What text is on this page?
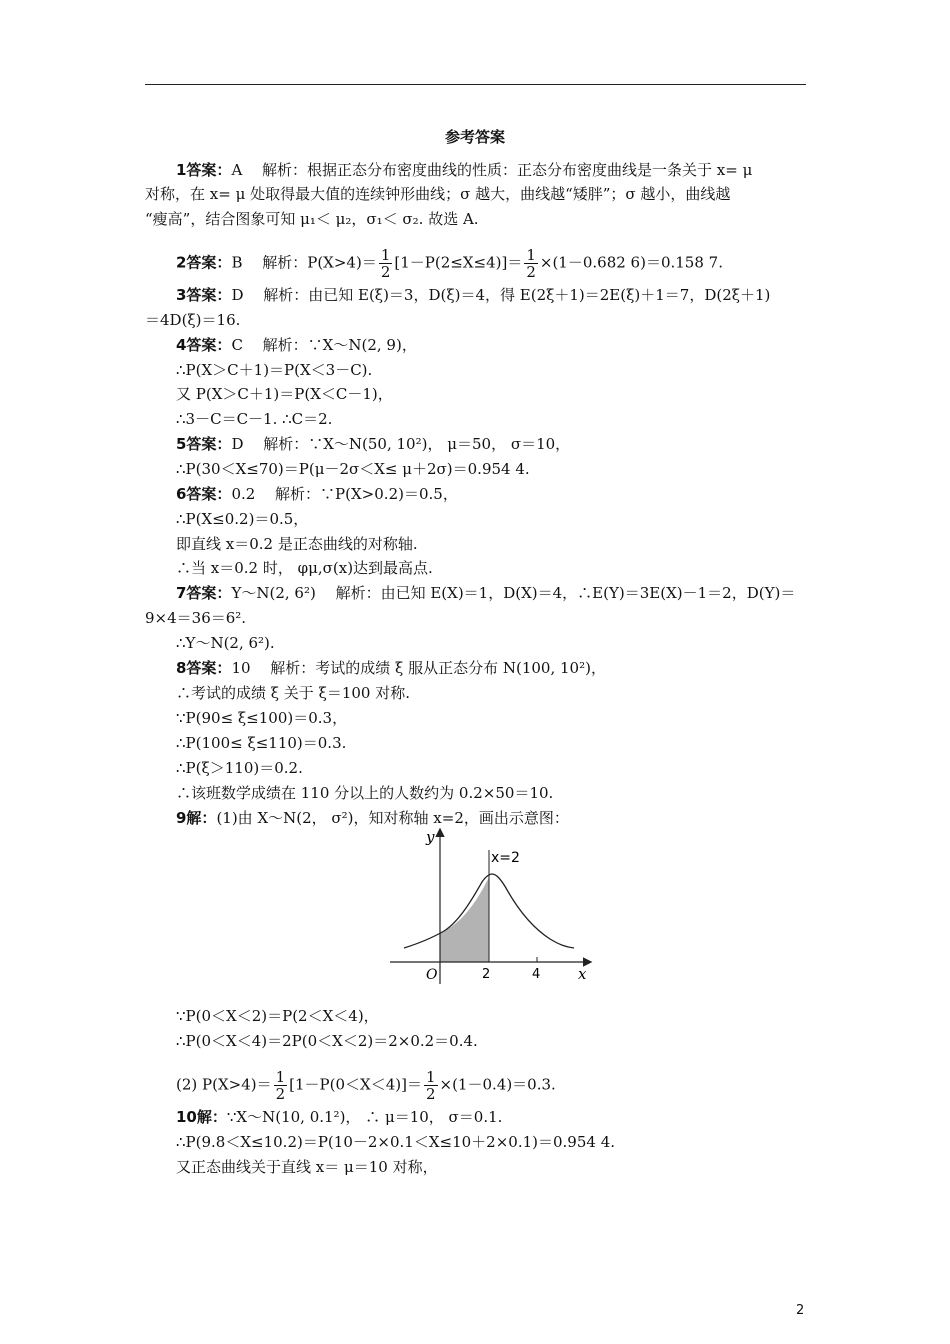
参考答案
1答案：A　 解析：根据正态分布密度曲线的性质：正态分布密度曲线是一条关于 x= μ
对称，在 x= μ 处取得最大值的连续钟形曲线；σ 越大，曲线越“矮胖”；σ 越小，曲线越
“瘦高”，结合图象可知 μ₁＜ μ₂，σ₁＜ σ₂. 故选 A.
2答案：B　 解析：$P(X>4)= \frac{1}{2} [1-P(2\le X\le 4)]= \frac{1}{2} \times(1-0.682$ 6)＝0.158 7.
3答案：D　 解析：由已知 E(ξ)＝3，D(ξ)＝4，得 E(2ξ＋1)＝2E(ξ)＋1＝7，D(2ξ＋1)
＝4D(ξ)＝16.
4答案：C　 解析：∵X～N(2, 9)，
∴P(X＞C＋1)＝P(X＜3－C).
又 P(X＞C＋1)＝P(X＜C－1)，
∴3－C＝C－1. ∴C＝2.
5答案：D　 解析：∵X～N(50, 10²)， μ＝50， σ＝10，
∴P(30＜X≤70)＝P(μ－2σ＜X≤ μ＋2σ)＝0.954 4.
6答案：0.2　 解析：∵P(X>0.2)＝0.5，
∴P(X≤0.2)＝0.5，
即直线 x＝0.2 是正态曲线的对称轴.
∴当 x＝0.2 时， φμ,σ(x)达到最高点.
7答案：Y～N(2, 6²)　 解析：由已知 E(X)＝1，D(X)＝4，∴E(Y)＝3E(X)－1＝2，D(Y)＝
9×4＝36＝6².
∴Y～N(2, 6²).
8答案：10　 解析：考试的成绩 ξ 服从正态分布 N(100, 10²)，
∴考试的成绩 ξ 关于 ξ＝100 对称.
∵P(90≤ ξ≤100)＝0.3，
∴P(100≤ ξ≤110)＝0.3.
∴P(ξ＞110)＝0.2.
∴该班数学成绩在 110 分以上的人数约为 0.2×50＝10.
9解：(1)由 X～N(2， σ²)，知对称轴 x=2，画出示意图：
∵P(0＜X＜2)＝P(2＜X＜4)，
∴P(0＜X＜4)＝2P(0＜X＜2)＝2×0.2＝0.4.
(2) $P(X>4)= \frac{1}{2} [1-P(0<X<4)]= \frac{1}{2} \times(1-0.4)=0.3$.
10解：∵X～N(10, 0.1²)， ∴ μ＝10， σ＝0.1.
∴P(9.8＜X≤10.2)＝P(10－2×0.1＜X≤10＋2×0.1)＝0.954 4.
又正态曲线关于直线 x＝ μ＝10 对称，
y
x
O	2	4
x=2
2
